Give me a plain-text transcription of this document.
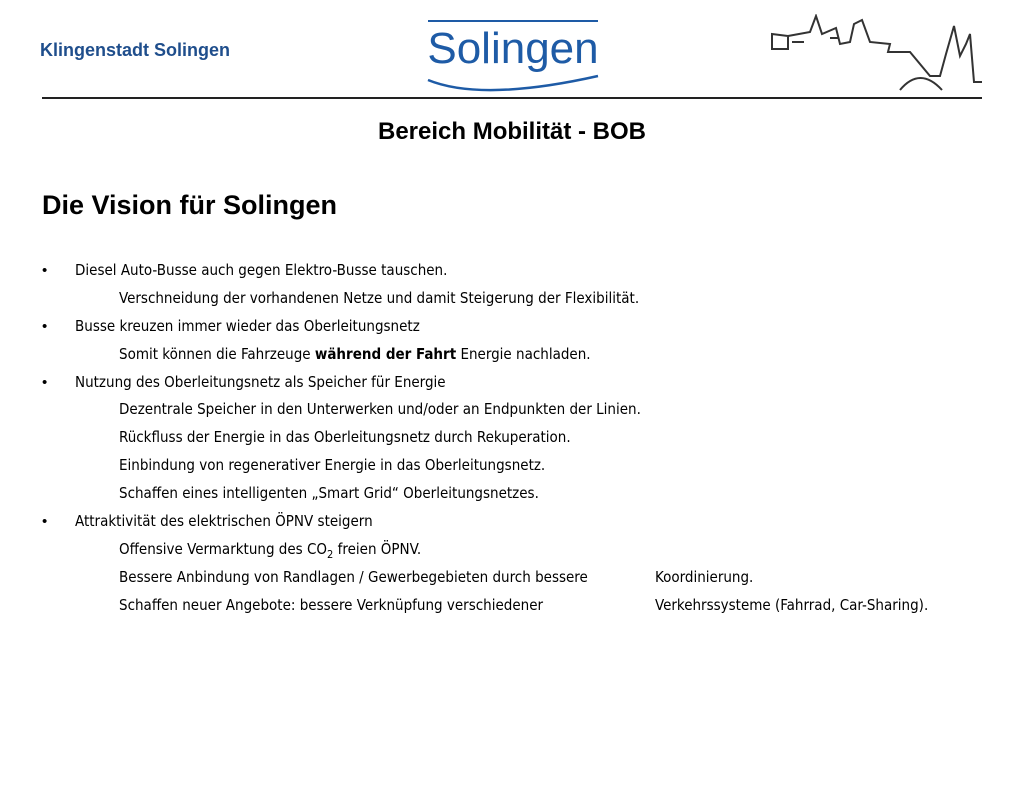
Klingenstadt Solingen	Solingen
Bereich Mobilität - BOB
Die Vision für Solingen
• Diesel Auto-Busse auch gegen Elektro-Busse tauschen.
Verschneidung der vorhandenen Netze und damit Steigerung der Flexibilität.
• Busse kreuzen immer wieder das Oberleitungsnetz
Somit können die Fahrzeuge während der Fahrt Energie nachladen.
• Nutzung des Oberleitungsnetz als Speicher für Energie
Dezentrale Speicher in den Unterwerken und/oder an Endpunkten der Linien.
Rückfluss der Energie in das Oberleitungsnetz durch Rekuperation.
Einbindung von regenerativer Energie in das Oberleitungsnetz.
Schaffen eines intelligenten „Smart Grid“ Oberleitungsnetzes.
• Attraktivität des elektrischen ÖPNV steigern
Offensive Vermarktung des $CO_2$ freien ÖPNV.
Bessere Anbindung von Randlagen / Gewerbegebieten durch bessere	Koordinierung.
Schaffen neuer Angebote: bessere Verknüpfung verschiedener	Verkehrssysteme (Fahrrad, Car-Sharing).
